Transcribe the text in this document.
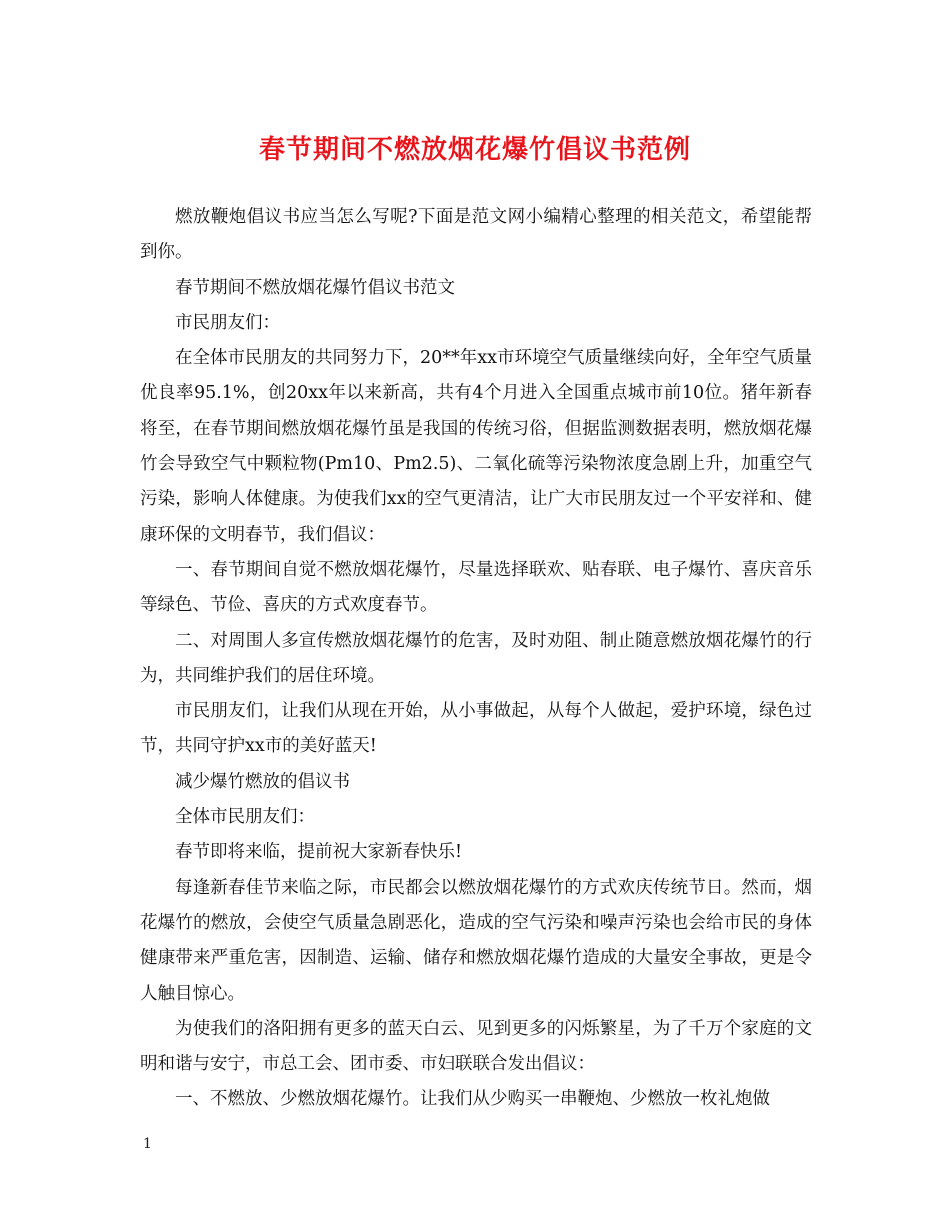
春节期间不燃放烟花爆竹倡议书范例

燃放鞭炮倡议书应当怎么写呢?下面是范文网小编精心整理的相关范文，希望能帮到你。

春节期间不燃放烟花爆竹倡议书范文

市民朋友们：

在全体市民朋友的共同努力下，20**年xx市环境空气质量继续向好，全年空气质量优良率95.1%，创20xx年以来新高，共有4个月进入全国重点城市前10位。猪年新春将至，在春节期间燃放烟花爆竹虽是我国的传统习俗，但据监测数据表明，燃放烟花爆竹会导致空气中颗粒物(Pm10、Pm2.5)、二氧化硫等污染物浓度急剧上升，加重空气污染，影响人体健康。为使我们xx的空气更清洁，让广大市民朋友过一个平安祥和、健康环保的文明春节，我们倡议：

一、春节期间自觉不燃放烟花爆竹，尽量选择联欢、贴春联、电子爆竹、喜庆音乐等绿色、节俭、喜庆的方式欢度春节。

二、对周围人多宣传燃放烟花爆竹的危害，及时劝阻、制止随意燃放烟花爆竹的行为，共同维护我们的居住环境。

市民朋友们，让我们从现在开始，从小事做起，从每个人做起，爱护环境，绿色过节，共同守护xx市的美好蓝天!

减少爆竹燃放的倡议书

全体市民朋友们：

春节即将来临，提前祝大家新春快乐!

每逢新春佳节来临之际，市民都会以燃放烟花爆竹的方式欢庆传统节日。然而，烟花爆竹的燃放，会使空气质量急剧恶化，造成的空气污染和噪声污染也会给市民的身体健康带来严重危害，因制造、运输、储存和燃放烟花爆竹造成的大量安全事故，更是令人触目惊心。

为使我们的洛阳拥有更多的蓝天白云、见到更多的闪烁繁星，为了千万个家庭的文明和谐与安宁，市总工会、团市委、市妇联联合发出倡议：

一、不燃放、少燃放烟花爆竹。让我们从少购买一串鞭炮、少燃放一枚礼炮做

1
